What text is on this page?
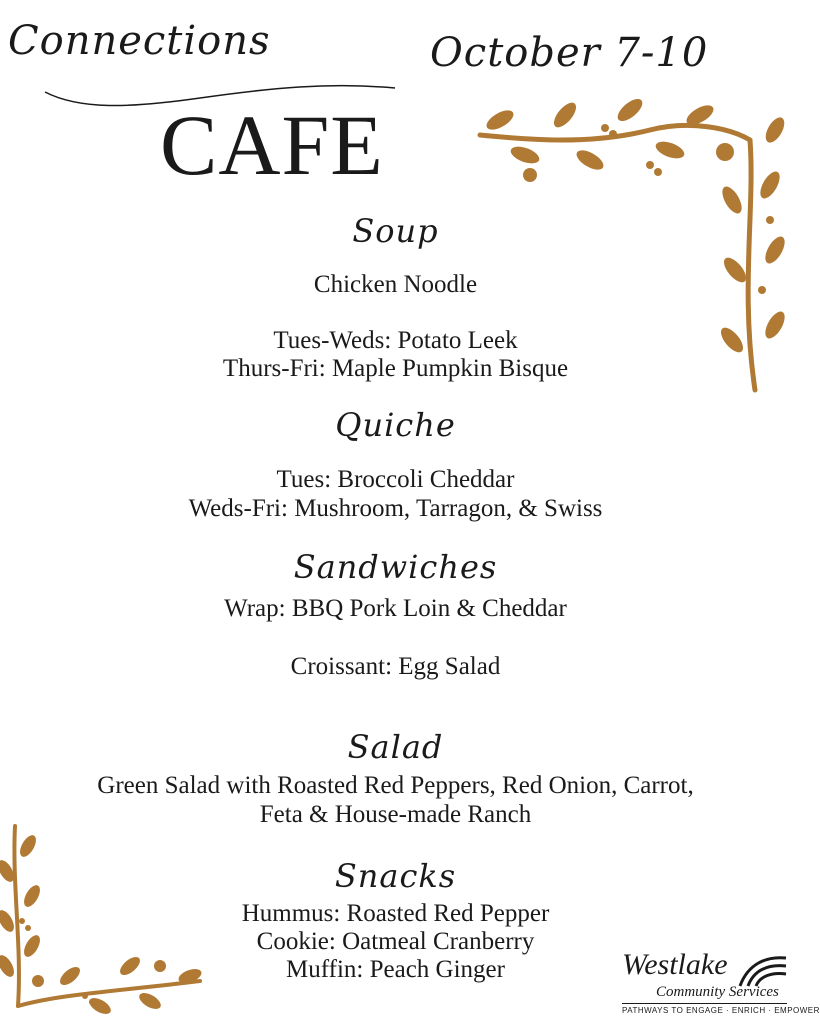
Connections
CAFE
October 7-10
Soup
Chicken Noodle
Tues-Weds: Potato Leek
Thurs-Fri: Maple Pumpkin Bisque
Quiche
Tues: Broccoli Cheddar
Weds-Fri: Mushroom, Tarragon, & Swiss
Sandwiches
Wrap: BBQ Pork Loin & Cheddar
Croissant: Egg Salad
Salad
Green Salad with Roasted Red Peppers, Red Onion, Carrot,
Feta & House-made Ranch
Snacks
Hummus: Roasted Red Pepper
Cookie: Oatmeal Cranberry
Muffin: Peach Ginger	Westlake
Community Services
PATHWAYS TO ENGAGE · ENRICH · EMPOWER
